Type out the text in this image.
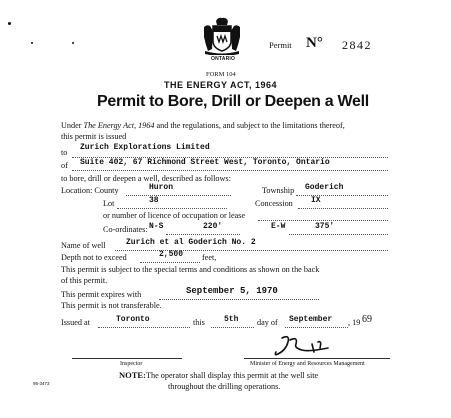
ONTARIO
Permit N° 2842
FORM 104
THE ENERGY ACT, 1964
Permit to Bore, Drill or Deepen a Well
Under The Energy Act, 1964 and the regulations, and subject to the limitations thereof,
this permit is issued
to
Zurich Explorations Limited
of Suite 402, 67 Richmond Street West, Toronto, Ontario
to bore, drill or deepen a well, described as follows:
Location: County	Huron	Township Goderich
Lot	38	Concession IX
or number of licence of occupation or lease
Co-ordinates: N-S	220'	E-W	375'
Name of well	Zurich et al Goderich No. 2
Depth not to exceed	2,500 feet,
This permit is subject to the special terms and conditions as shown on the back
of this permit.
This permit expires with	September 5, 1970
This permit is not transferable.
Issued at	Toronto	this 5th day of September , 19 69
Inspector	Minister of Energy and Resources Management
NOTE: The operator shall display this permit at the well site
throughout the drilling operations.
95-3473
